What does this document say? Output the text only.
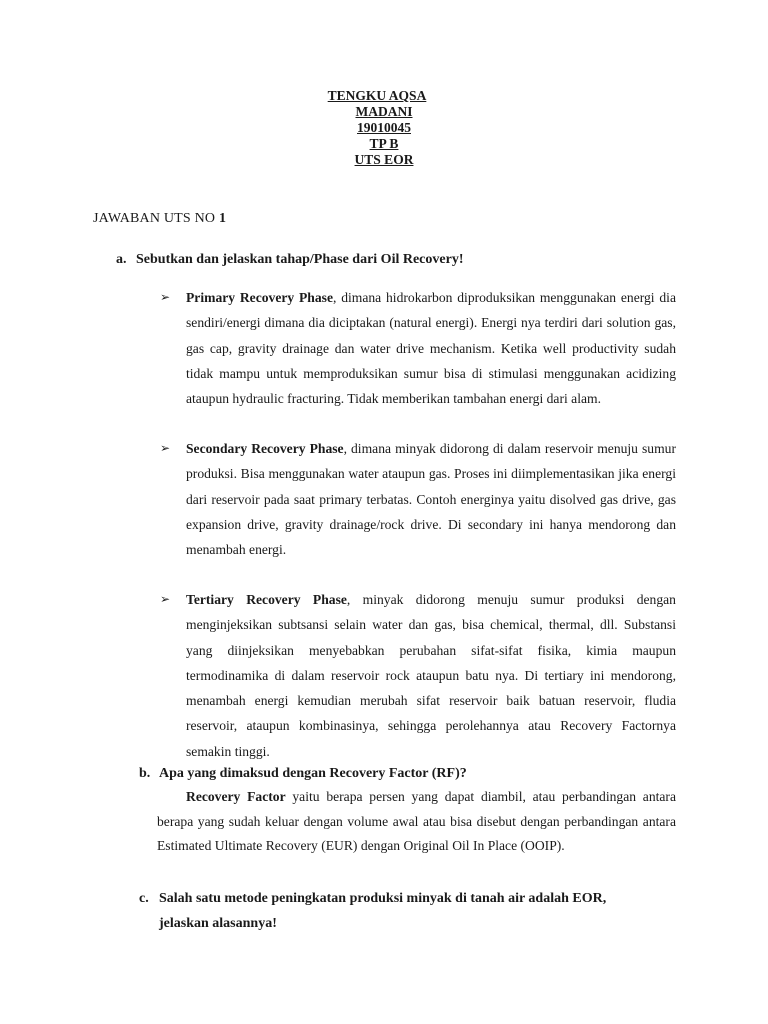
TENGKU AQSA
MADANI
19010045
TP B
UTS EOR
JAWABAN UTS NO 1
a. Sebutkan dan jelaskan tahap/Phase dari Oil Recovery!
➢ Primary Recovery Phase, dimana hidrokarbon diproduksikan menggunakan energi dia sendiri/energi dimana dia diciptakan (natural energi). Energi nya terdiri dari solution gas, gas cap, gravity drainage dan water drive mechanism. Ketika well productivity sudah tidak mampu untuk memproduksikan sumur bisa di stimulasi menggunakan acidizing ataupun hydraulic fracturing. Tidak memberikan tambahan energi dari alam.
➢ Secondary Recovery Phase, dimana minyak didorong di dalam reservoir menuju sumur produksi. Bisa menggunakan water ataupun gas. Proses ini diimplementasikan jika energi dari reservoir pada saat primary terbatas. Contoh energinya yaitu disolved gas drive, gas expansion drive, gravity drainage/rock drive. Di secondary ini hanya mendorong dan menambah energi.
➢ Tertiary Recovery Phase, minyak didorong menuju sumur produksi dengan menginjeksikan subtsansi selain water dan gas, bisa chemical, thermal, dll. Substansi yang diinjeksikan menyebabkan perubahan sifat-sifat fisika, kimia maupun termodinamika di dalam reservoir rock ataupun batu nya. Di tertiary ini mendorong, menambah energi kemudian merubah sifat reservoir baik batuan reservoir, fludia reservoir, ataupun kombinasinya, sehingga perolehannya atau Recovery Factornya semakin tinggi.
b. Apa yang dimaksud dengan Recovery Factor (RF)?
Recovery Factor yaitu berapa persen yang dapat diambil, atau perbandingan antara berapa yang sudah keluar dengan volume awal atau bisa disebut dengan perbandingan antara Estimated Ultimate Recovery (EUR) dengan Original Oil In Place (OOIP).
c. Salah satu metode peningkatan produksi minyak di tanah air adalah EOR,
jelaskan alasannya!
